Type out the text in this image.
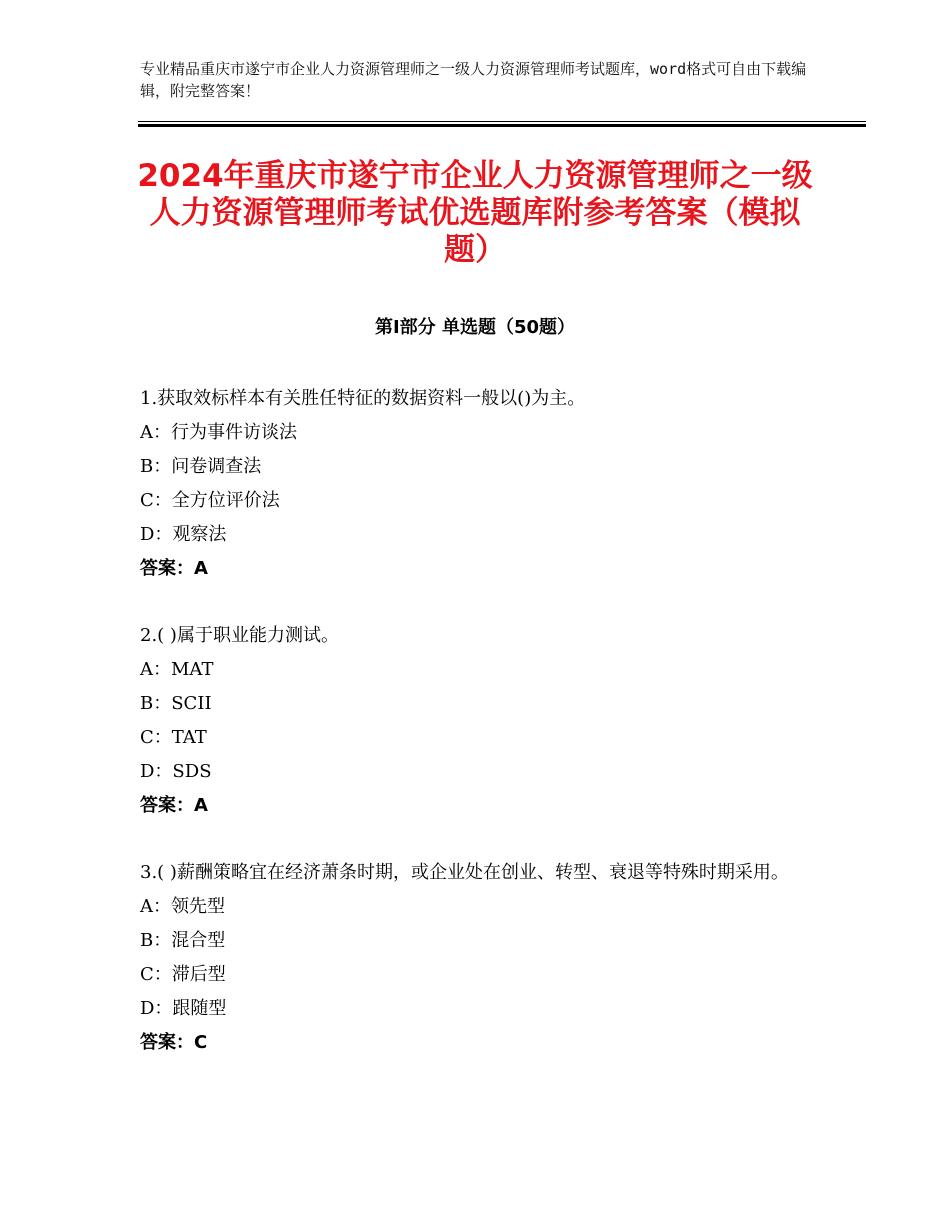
专业精品重庆市遂宁市企业人力资源管理师之一级人力资源管理师考试题库，word格式可自由下载编辑，附完整答案！
2024年重庆市遂宁市企业人力资源管理师之一级人力资源管理师考试优选题库附参考答案（模拟题）
第Ⅰ部分 单选题（50题）
1.获取效标样本有关胜任特征的数据资料一般以()为主。
A：行为事件访谈法
B：问卷调查法
C：全方位评价法
D：观察法
答案：A
2.( )属于职业能力测试。
A：MAT
B：SCII
C：TAT
D：SDS
答案：A
3.( )薪酬策略宜在经济萧条时期，或企业处在创业、转型、衰退等特殊时期采用。
A：领先型
B：混合型
C：滞后型
D：跟随型
答案：C
